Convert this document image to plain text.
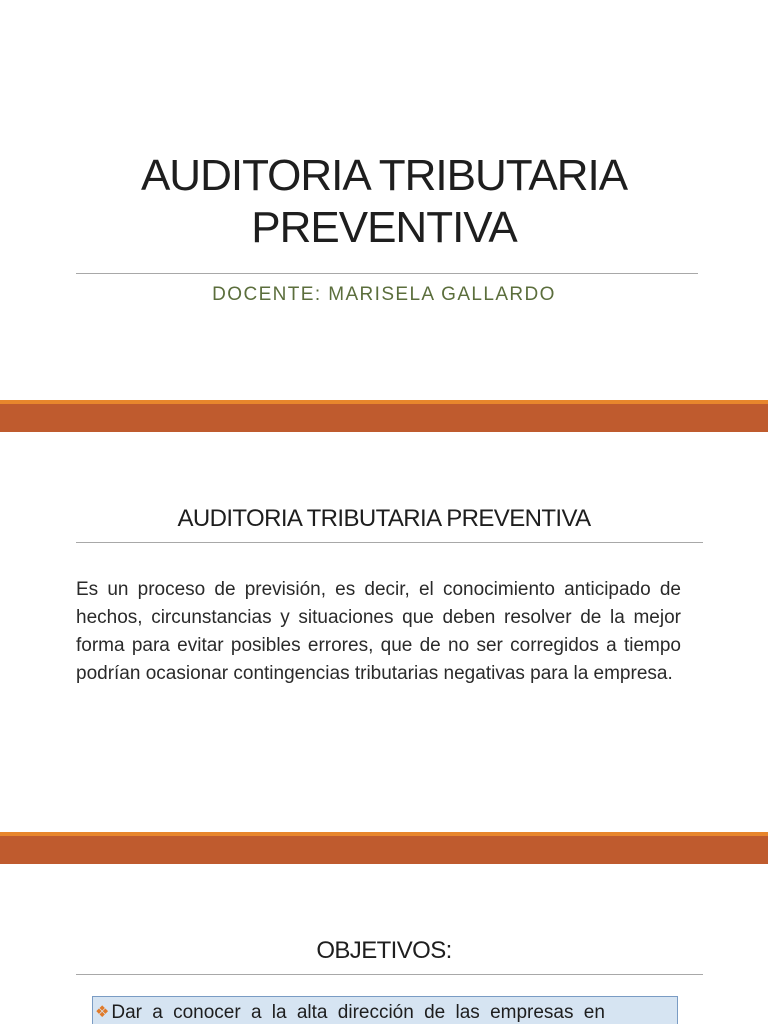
AUDITORIA TRIBUTARIA
PREVENTIVA
DOCENTE: MARISELA GALLARDO
AUDITORIA TRIBUTARIA PREVENTIVA

Es un proceso de previsión, es decir, el conocimiento anticipado de hechos, circunstancias y situaciones que deben resolver de la mejor forma para evitar posibles errores, que de no ser corregidos a tiempo podrían ocasionar contingencias tributarias negativas para la empresa.

OBJETIVOS:
❖ Dar a conocer a la alta dirección de las empresas en
